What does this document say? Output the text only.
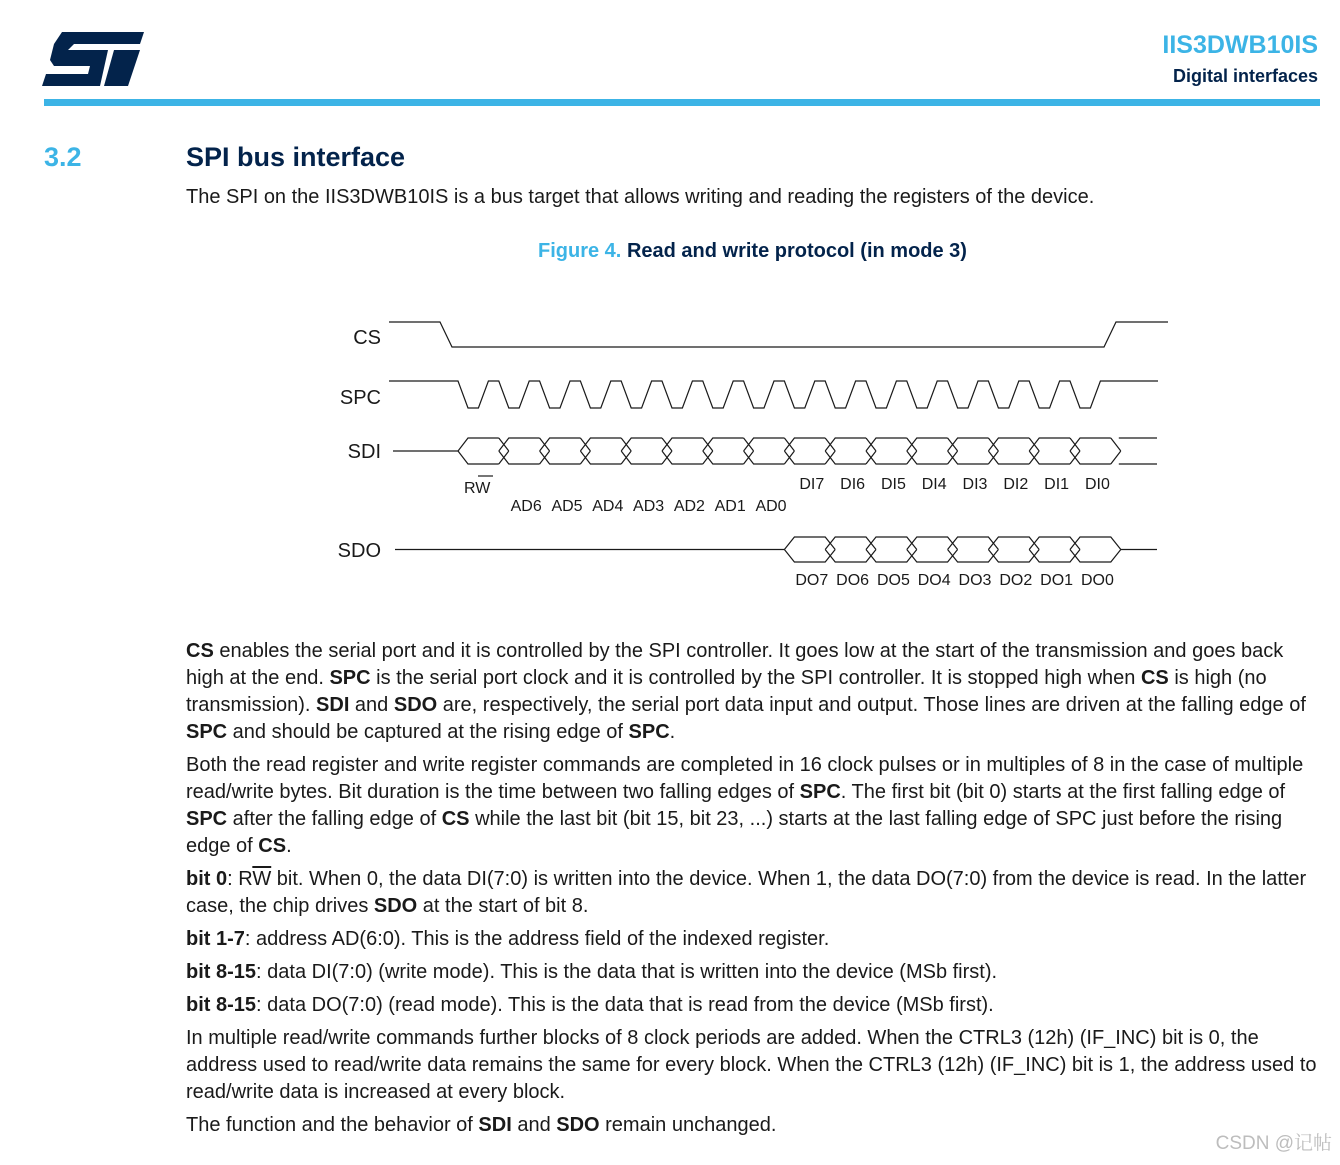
IIS3DWB10IS
Digital interfaces
3.2	SPI bus interface
The SPI on the IIS3DWB10IS is a bus target that allows writing and reading the registers of the device.
Figure 4. Read and write protocol (in mode 3)
CS
SPC
SDI
SDO
RW
AD6 AD5 AD4 AD3 AD2 AD1 AD0
DI7 DI6 DI5 DI4 DI3 DI2 DI1 DI0
DO7 DO6 DO5 DO4 DO3 DO2 DO1 DO0

CS enables the serial port and it is controlled by the SPI controller. It goes low at the start of the transmission and goes back high at the end. SPC is the serial port clock and it is controlled by the SPI controller. It is stopped high when CS is high (no transmission). SDI and SDO are, respectively, the serial port data input and output. Those lines are driven at the falling edge of SPC and should be captured at the rising edge of SPC.

Both the read register and write register commands are completed in 16 clock pulses or in multiples of 8 in the case of multiple read/write bytes. Bit duration is the time between two falling edges of SPC. The first bit (bit 0) starts at the first falling edge of SPC after the falling edge of CS while the last bit (bit 15, bit 23, ...) starts at the last falling edge of SPC just before the rising edge of CS.

bit 0: $R\overline{W}$ bit. When 0, the data DI(7:0) is written into the device. When 1, the data DO(7:0) from the device is read. In the latter case, the chip drives SDO at the start of bit 8.

bit 1-7: address AD(6:0). This is the address field of the indexed register.

bit 8-15: data DI(7:0) (write mode). This is the data that is written into the device (MSb first).

bit 8-15: data DO(7:0) (read mode). This is the data that is read from the device (MSb first).

In multiple read/write commands further blocks of 8 clock periods are added. When the CTRL3 (12h) (IF_INC) bit is 0, the address used to read/write data remains the same for every block. When the CTRL3 (12h) (IF_INC) bit is 1, the address used to read/write data is increased at every block.

The function and the behavior of SDI and SDO remain unchanged.

CSDN @记帖
